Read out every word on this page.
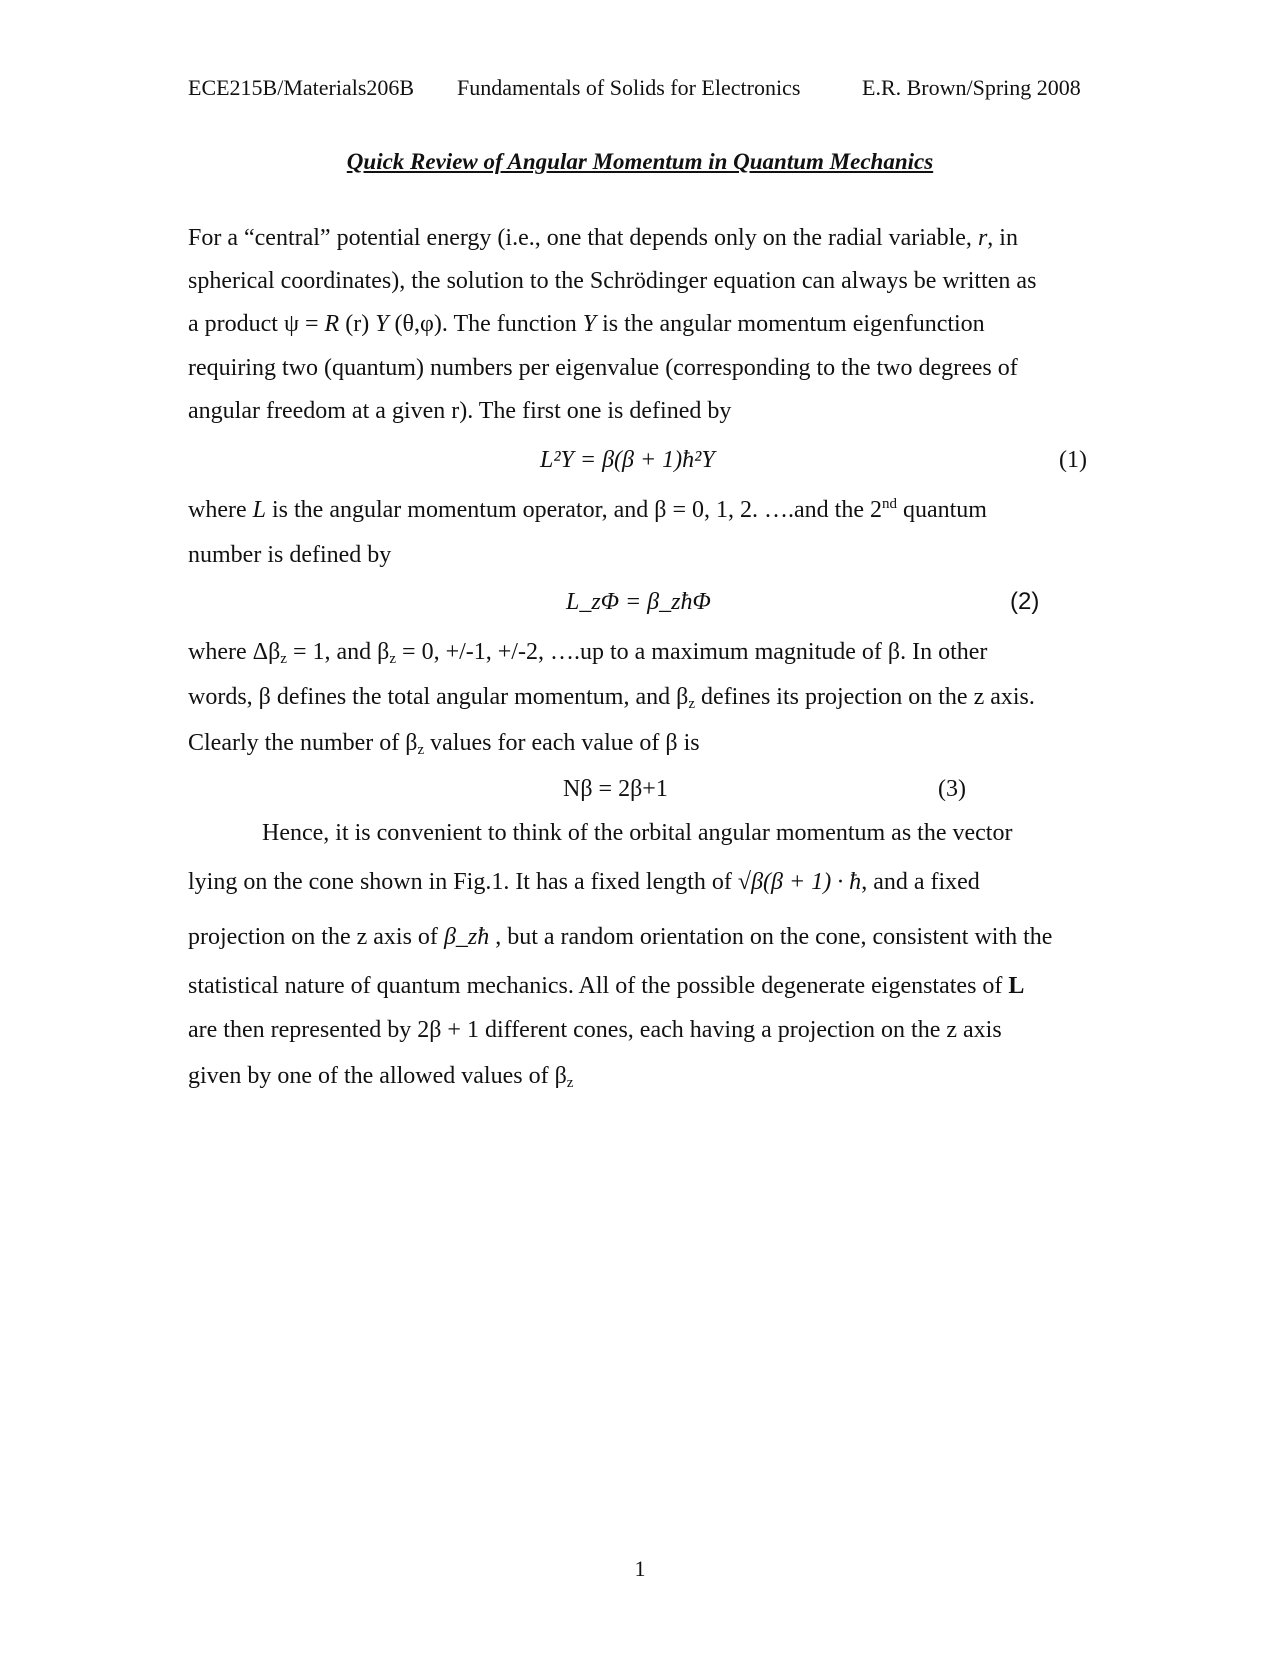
ECE215B/Materials206B Fundamentals of Solids for Electronics	E.R. Brown/Spring 2008
Quick Review of Angular Momentum in Quantum Mechanics
For a “central” potential energy (i.e., one that depends only on the radial variable, r, in
spherical coordinates), the solution to the Schrödinger equation can always be written as
a product ψ = R (r) Y (θ,φ). The function Y is the angular momentum eigenfunction
requiring two (quantum) numbers per eigenvalue (corresponding to the two degrees of
angular freedom at a given r). The first one is defined by
L²Y = β(β + 1)ħ²Y	(1)
where L is the angular momentum operator, and β = 0, 1, 2. ….and the 2nd quantum
number is defined by
L_zΦ = β_zħΦ	(2)
where $\Delta\beta_z = 1$, and $\beta_z = 0$, +/-1, +/-2, ….up to a maximum magnitude of β. In other
words, β defines the total angular momentum, and $\beta_z$ defines its projection on the z axis.
Clearly the number of $\beta_z$ values for each value of β is
Nβ = 2β+1	(3)
Hence, it is convenient to think of the orbital angular momentum as the vector
lying on the cone shown in Fig.1. It has a fixed length of √β(β + 1) · ħ, and a fixed
projection on the z axis of β_zħ , but a random orientation on the cone, consistent with the
statistical nature of quantum mechanics. All of the possible degenerate eigenstates of L
are then represented by 2β + 1 different cones, each having a projection on the z axis
given by one of the allowed values of $\beta_z$
1
